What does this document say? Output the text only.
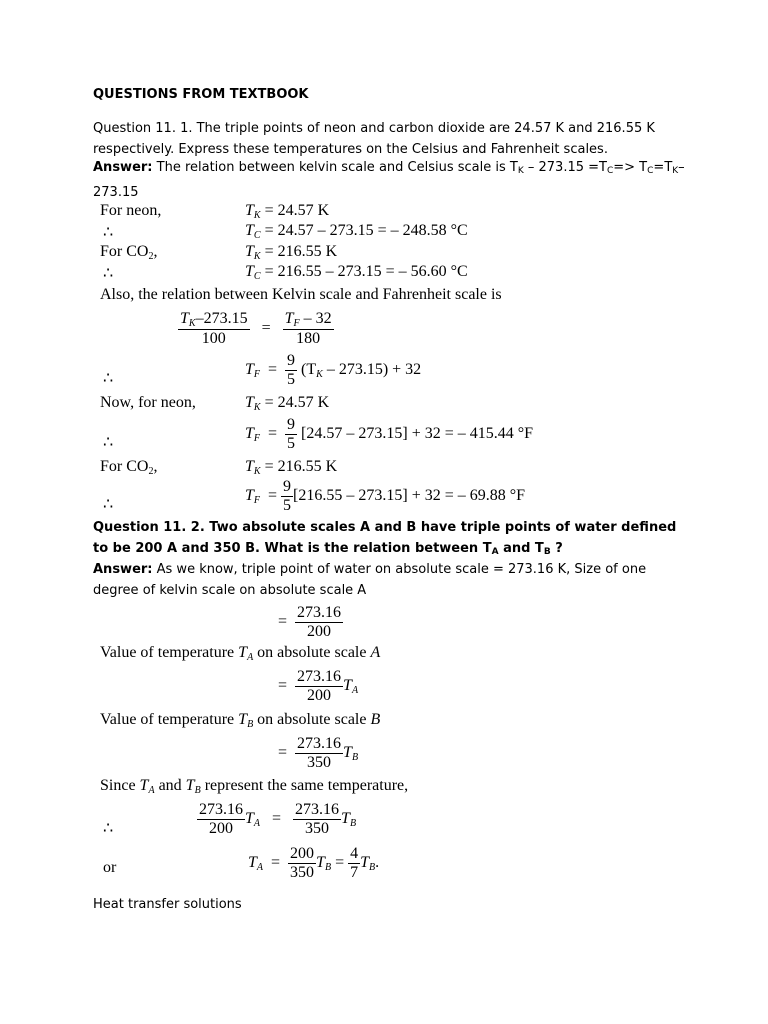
QUESTIONS FROM TEXTBOOK
Question 11. 1. The triple points of neon and carbon dioxide are 24.57 K and 216.55 K respectively. Express these temperatures on the Celsius and Fahrenheit scales.
Answer: The relation between kelvin scale and Celsius scale is TK – 273.15 =TC=> TC=TK–
273.15
For neon,	$T_K = 24.57$ K
∴	$T_C = 24.57 - 273.15$ = – 248.58 °C
For $CO_2$,	$T_K = 216.55$ K
∴	$T_C = 216.55 - 273.15$ = – 56.60 °C
Also, the relation between Kelvin scale and Fahrenheit scale is
$\frac{T_K-273.15}{100} = \frac{T_F - 32}{180}$
∴
$T_F = \frac{9}{5} (T_K - 273.15) + 32$
Now, for neon,	$T_K = 24.57$ K
∴
$T_F = \frac{9}{5} [24.57 - 273.15] + 32$ = – 415.44 °F
For $CO_2$,	$T_K = 216.55$ K
∴
$T_F = \frac{9}{5} [216.55 - 273.15] + 32$ = – 69.88 °F
Question 11. 2. Two absolute scales A and B have triple points of water defined to be 200 A and 350 B. What is the relation between TA and TB ?
Answer: As we know, triple point of water on absolute scale = 273.16 K, Size of one degree of kelvin scale on absolute scale A
= $\frac{273.16}{200}$
Value of temperature $T_A$ on absolute scale A
= $\frac{273.16}{200} T_A$
Value of temperature $T_B$ on absolute scale B
= $\frac{273.16}{350} T_B$
Since $T_A$ and $T_B$ represent the same temperature,
∴	$\frac{273.16}{200} T_A = \frac{273.16}{350} T_B$
or	$T_A = \frac{200}{350} T_B = \frac{4}{7} T_B$.
Heat transfer solutions
